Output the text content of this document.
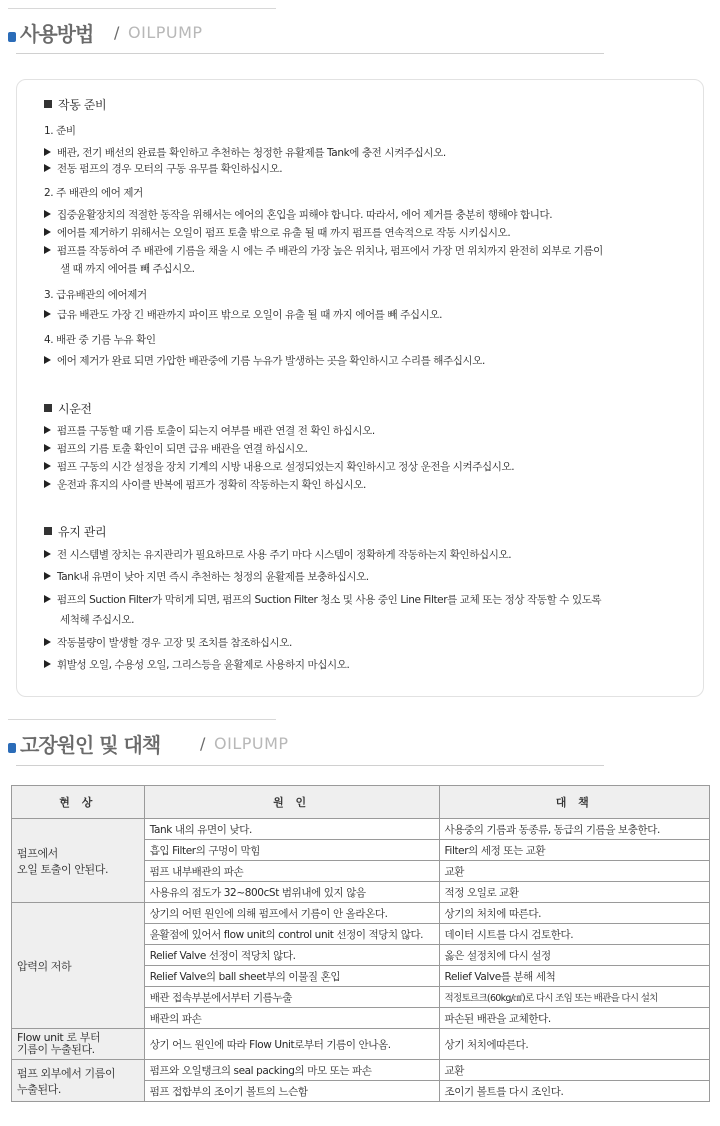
사용방법 / OILPUMP
작동 준비
1. 준비
배관, 전기 배선의 완료를 확인하고 추천하는 청정한 유활제를 Tank에 충전 시켜주십시오.
전동 펌프의 경우 모터의 구동 유무를 확인하십시오.
2. 주 배관의 에어 제거
집중윤활장치의 적절한 동작을 위해서는 에어의 혼입을 피해야 합니다. 따라서, 에어 제거를 충분히 행해야 합니다.
에어를 제거하기 위해서는 오일이 펌프 토출 밖으로 유출 될 때 까지 펌프를 연속적으로 작동 시키십시오.
펌프를 작동하여 주 배관에 기름을 채울 시 에는 주 배관의 가장 높은 위치나, 펌프에서 가장 먼 위치까지 완전히 외부로 기름이
샐 때 까지 에어를 빼 주십시오.
3. 급유배관의 에어제거
급유 배관도 가장 긴 배관까지 파이프 밖으로 오일이 유출 될 때 까지 에어를 빼 주십시오.
4. 배관 중 기름 누유 확인
에어 제거가 완료 되면 가압한 배관중에 기름 누유가 발생하는 곳을 확인하시고 수리를 해주십시오.
시운전
펌프를 구동할 때 기름 토출이 되는지 여부를 배관 연결 전 확인 하십시오.
펌프의 기름 토출 확인이 되면 급유 배관을 연결 하십시오.
펌프 구동의 시간 설정을 장치 기계의 시방 내용으로 설정되었는지 확인하시고 정상 운전을 시켜주십시오.
운전과 휴지의 사이클 반복에 펌프가 정확히 작동하는지 확인 하십시오.
유지 관리
전 시스템별 장치는 유지관리가 필요하므로 사용 주기 마다 시스템이 정확하게 작동하는지 확인하십시오.
Tank내 유면이 낮아 지면 즉시 추천하는 청정의 윤활제를 보충하십시오.
펌프의 Suction Filter가 막히게 되면, 펌프의 Suction Filter 청소 및 사용 중인 Line Filter를 교체 또는 정상 작동할 수 있도록
세척해 주십시오.
작동불량이 발생할 경우 고장 및 조치를 참조하십시오.
휘발성 오일, 수용성 오일, 그리스등을 윤활제로 사용하지 마십시오.
고장원인 및 대책 / OILPUMP
현 상	원 인	대 책

펌프에서
오일 토출이 안된다.	Tank 내의 유면이 낮다.	사용중의 기름과 동종류, 동급의 기름을 보충한다.
	흡입 Filter의 구멍이 막힘	Filter의 세정 또는 교환
	펌프 내부배관의 파손	교환
	사용유의 점도가 32~800cSt 범위내에 있지 않음	적정 오일로 교환

압력의 저하	상기의 어떤 원인에 의해 펌프에서 기름이 안 올라온다.	상기의 처치에 따른다.
	윤활점에 있어서 flow unit의 control unit 선정이 적당치 않다.	데이터 시트를 다시 검토한다.
	Relief Valve 선정이 적당치 않다.	옳은 설정치에 다시 설정
	Relief Valve의 ball sheet부의 이물질 혼입	Relief Valve를 분해 세척
	배관 접속부분에서부터 기름누출	적정토르크(60kg/㎠)로 다시 조임 또는 배관을 다시 설치
	배관의 파손	파손된 배관을 교체한다.

Flow unit 로 부터
기름이 누출된다.	상기 어느 원인에 따라 Flow Unit로부터 기름이 안나옴.	상기 처치에따른다.

펌프 외부에서 기름이
누출된다.	펌프와 오일탱크의 seal packing의 마모 또는 파손	교환
	펌프 접합부의 조이기 볼트의 느슨함	조이기 볼트를 다시 조인다.
